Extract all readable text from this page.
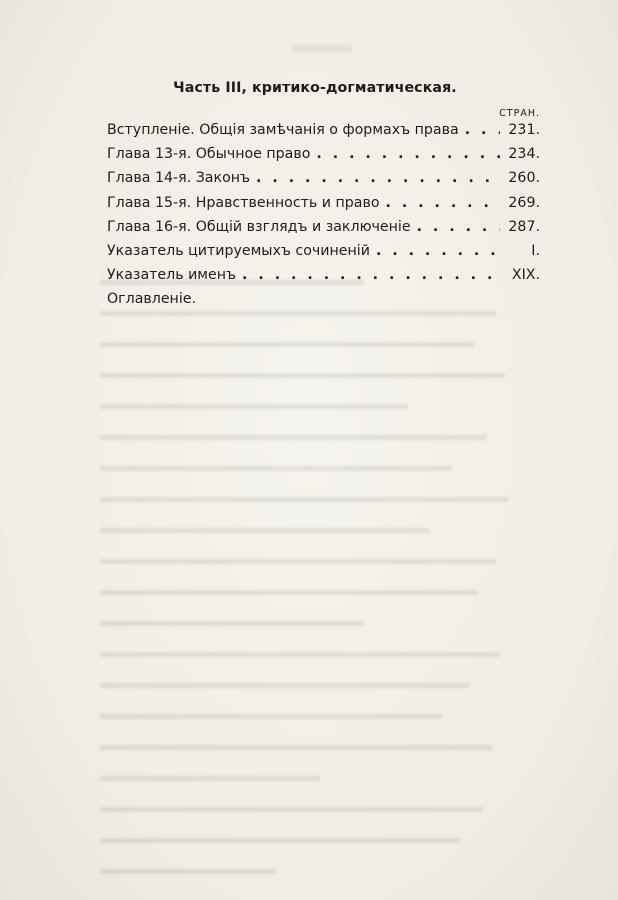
Часть III, критико-догматическая.
СТРАН.
Вступленіе. Общія замѣчанія о формахъ права . . .	231.
Глава 13-я. Обычное право . . .	234.
Глава 14-я. Законъ . . .	260.
Глава 15-я. Нравственность и право . . .	269.
Глава 16-я. Общій взглядъ и заключеніе . . .	287.
Указатель цитируемыхъ сочиненій . . .	I.
Указатель именъ . . .	XIX.
Оглавленіе.
